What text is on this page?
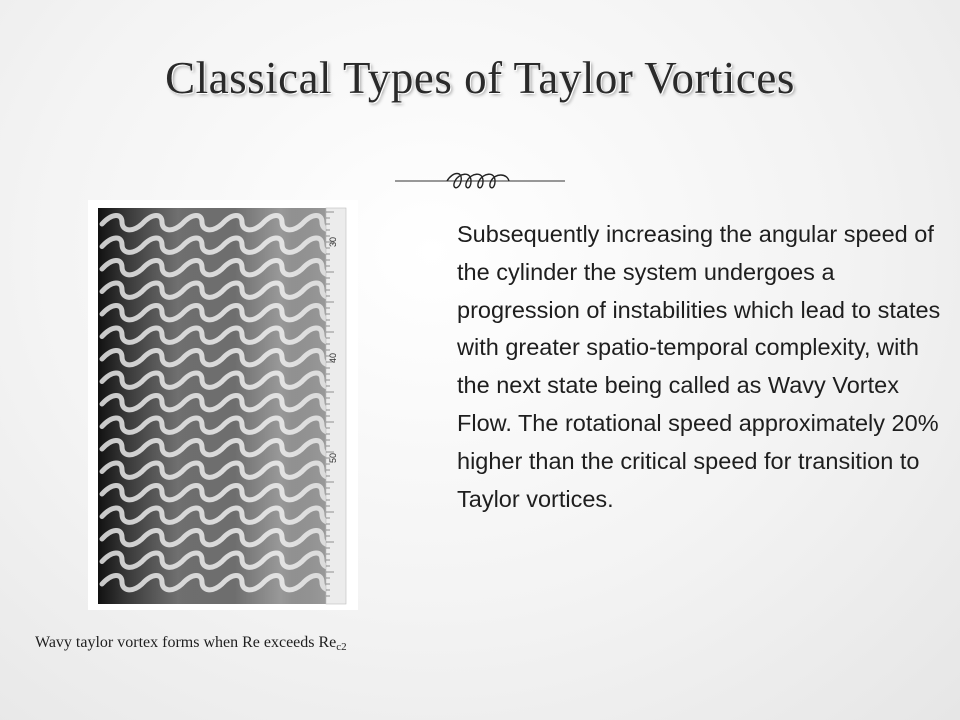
Classical Types of Taylor Vortices
30
40
50
Subsequently increasing the angular speed of the cylinder the system undergoes a progression of instabilities which lead to states with greater spatio-temporal complexity, with the next state being called as Wavy Vortex Flow. The rotational speed approximately 20% higher than the critical speed for transition to Taylor vortices.
Wavy taylor vortex forms when Re exceeds $Re_{c2}$
